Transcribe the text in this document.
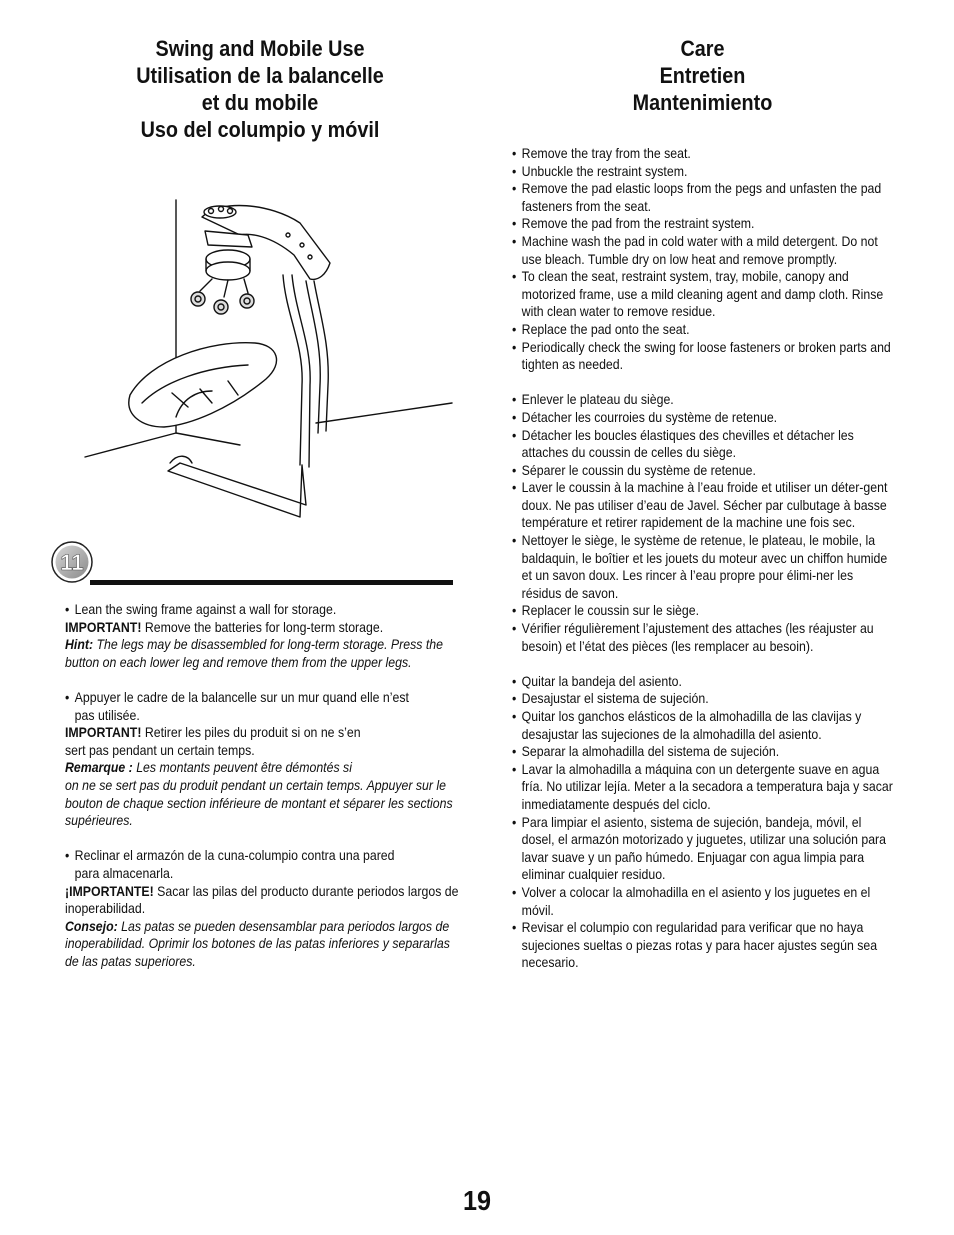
Swing and Mobile Use
Utilisation de la balancelle
et du mobile
Uso del columpio y móvil
Care
Entretien
Mantenimiento
11
• Lean the swing frame against a wall for storage.
IMPORTANT! Remove the batteries for long-term storage.
Hint: The legs may be disassembled for long-term storage. Press the button on each lower leg and remove them from the upper legs.
• Appuyer le cadre de la balancelle sur un mur quand elle n’est pas utilisée.
IMPORTANT! Retirer les piles du produit si on ne s’en
sert pas pendant un certain temps.
Remarque : Les montants peuvent être démontés si
on ne se sert pas du produit pendant un certain temps. Appuyer sur le bouton de chaque section inférieure de montant et séparer les sections supérieures.
• Reclinar el armazón de la cuna-columpio contra una pared para almacenarla.
¡IMPORTANTE! Sacar las pilas del producto durante periodos largos de inoperabilidad.
Consejo: Las patas se pueden desensamblar para periodos largos de inoperabilidad. Oprimir los botones de las patas inferiores y separarlas de las patas superiores.
• Remove the tray from the seat.
• Unbuckle the restraint system.
• Remove the pad elastic loops from the pegs and unfasten the pad fasteners from the seat.
• Remove the pad from the restraint system.
• Machine wash the pad in cold water with a mild detergent. Do not use bleach. Tumble dry on low heat and remove promptly.
• To clean the seat, restraint system, tray, mobile, canopy and motorized frame, use a mild cleaning agent and damp cloth. Rinse with clean water to remove residue.
• Replace the pad onto the seat.
• Periodically check the swing for loose fasteners or broken parts and tighten as needed.
• Enlever le plateau du siège.
• Détacher les courroies du système de retenue.
• Détacher les boucles élastiques des chevilles et détacher les attaches du coussin de celles du siège.
• Séparer le coussin du système de retenue.
• Laver le coussin à la machine à l’eau froide et utiliser un déter-gent doux. Ne pas utiliser d’eau de Javel. Sécher par culbutage à basse température et retirer rapidement de la machine une fois sec.
• Nettoyer le siège, le système de retenue, le plateau, le mobile, la baldaquin, le boîtier et les jouets du moteur avec un chiffon humide et un savon doux. Les rincer à l’eau propre pour élimi-ner les résidus de savon.
• Replacer le coussin sur le siège.
• Vérifier régulièrement l’ajustement des attaches (les réajuster au besoin) et l’état des pièces (les remplacer au besoin).
• Quitar la bandeja del asiento.
• Desajustar el sistema de sujeción.
• Quitar los ganchos elásticos de la almohadilla de las clavijas y desajustar las sujeciones de la almohadilla del asiento.
• Separar la almohadilla del sistema de sujeción.
• Lavar la almohadilla a máquina con un detergente suave en agua fría. No utilizar lejía. Meter a la secadora a temperatura baja y sacar inmediatamente después del ciclo.
• Para limpiar el asiento, sistema de sujeción, bandeja, móvil, el dosel, el armazón motorizado y juguetes, utilizar una solución para lavar suave y un paño húmedo. Enjuagar con agua limpia para eliminar cualquier residuo.
• Volver a colocar la almohadilla en el asiento y los juguetes en el móvil.
• Revisar el columpio con regularidad para verificar que no haya sujeciones sueltas o piezas rotas y para hacer ajustes según sea necesario.
19
